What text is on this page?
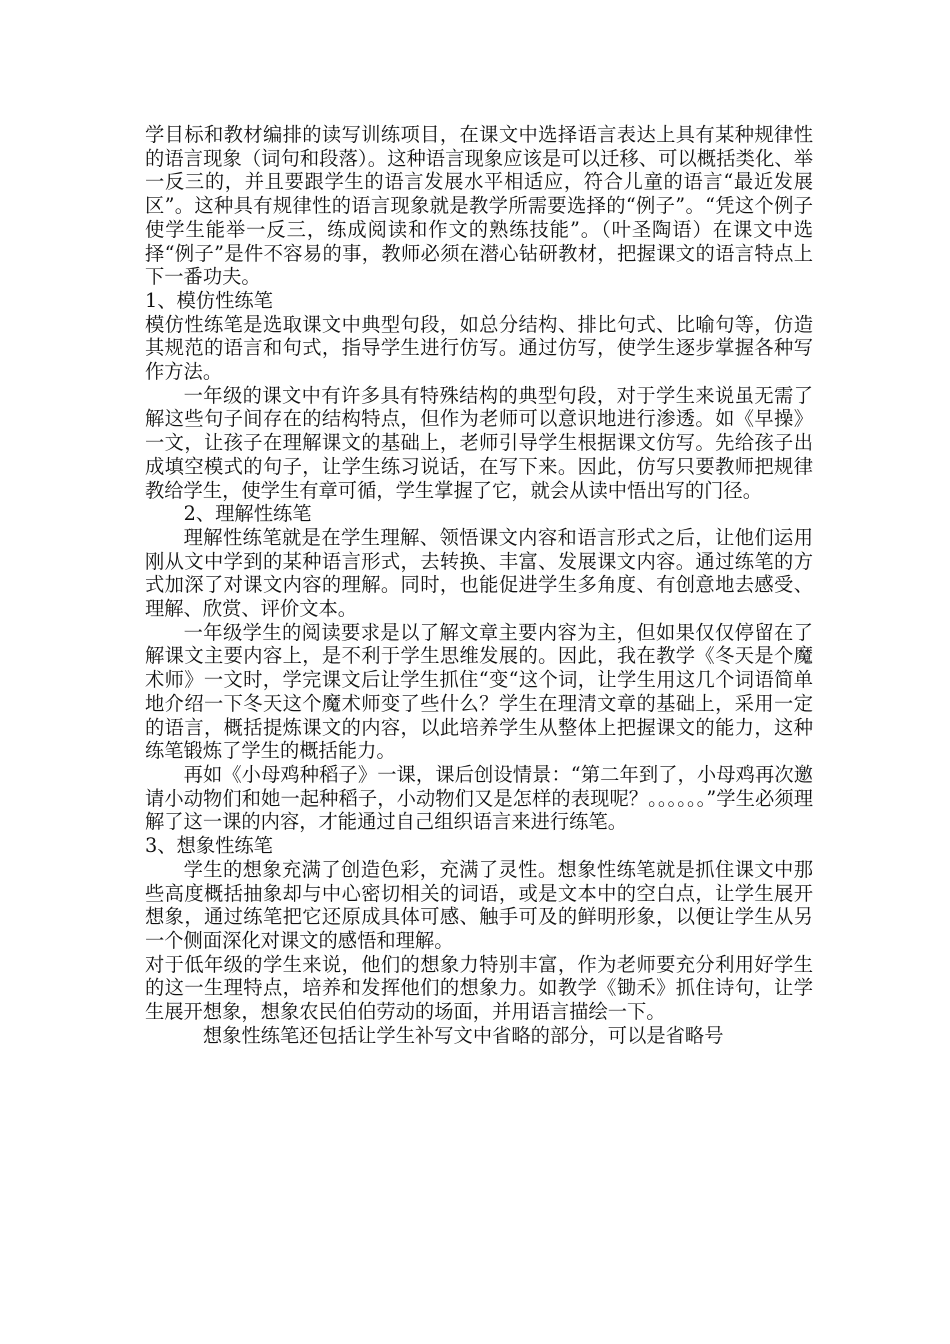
学目标和教材编排的读写训练项目，在课文中选择语言表达上具有某种规律性的语言现象（词句和段落）。这种语言现象应该是可以迁移、可以概括类化、举一反三的，并且要跟学生的语言发展水平相适应，符合儿童的语言“最近发展区”。这种具有规律性的语言现象就是教学所需要选择的“例子”。“凭这个例子使学生能举一反三，练成阅读和作文的熟练技能”。（叶圣陶语）在课文中选择“例子”是件不容易的事，教师必须在潜心钻研教材，把握课文的语言特点上下一番功夫。

1、模仿性练笔

模仿性练笔是选取课文中典型句段，如总分结构、排比句式、比喻句等，仿造其规范的语言和句式，指导学生进行仿写。通过仿写，使学生逐步掌握各种写作方法。

一年级的课文中有许多具有特殊结构的典型句段，对于学生来说虽无需了解这些句子间存在的结构特点，但作为老师可以意识地进行渗透。如《早操》一文，让孩子在理解课文的基础上，老师引导学生根据课文仿写。先给孩子出成填空模式的句子，让学生练习说话，在写下来。因此，仿写只要教师把规律教给学生，使学生有章可循，学生掌握了它，就会从读中悟出写的门径。

2、理解性练笔

理解性练笔就是在学生理解、领悟课文内容和语言形式之后，让他们运用刚从文中学到的某种语言形式，去转换、丰富、发展课文内容。通过练笔的方式加深了对课文内容的理解。同时，也能促进学生多角度、有创意地去感受、理解、欣赏、评价文本。

一年级学生的阅读要求是以了解文章主要内容为主，但如果仅仅停留在了解课文主要内容上，是不利于学生思维发展的。因此，我在教学《冬天是个魔术师》一文时，学完课文后让学生抓住“变“这个词，让学生用这几个词语简单地介绍一下冬天这个魔术师变了些什么？学生在理清文章的基础上，采用一定的语言，概括提炼课文的内容，以此培养学生从整体上把握课文的能力，这种练笔锻炼了学生的概括能力。

再如《小母鸡种稻子》一课，课后创设情景：“第二年到了，小母鸡再次邀请小动物们和她一起种稻子，小动物们又是怎样的表现呢？。。。。。。”学生必须理解了这一课的内容，才能通过自己组织语言来进行练笔。

3、想象性练笔

学生的想象充满了创造色彩，充满了灵性。想象性练笔就是抓住课文中那些高度概括抽象却与中心密切相关的词语，或是文本中的空白点，让学生展开想象，通过练笔把它还原成具体可感、触手可及的鲜明形象，以便让学生从另一个侧面深化对课文的感悟和理解。

对于低年级的学生来说，他们的想象力特别丰富，作为老师要充分利用好学生的这一生理特点，培养和发挥他们的想象力。如教学《锄禾》抓住诗句，让学生展开想象，想象农民伯伯劳动的场面，并用语言描绘一下。

想象性练笔还包括让学生补写文中省略的部分，可以是省略号
